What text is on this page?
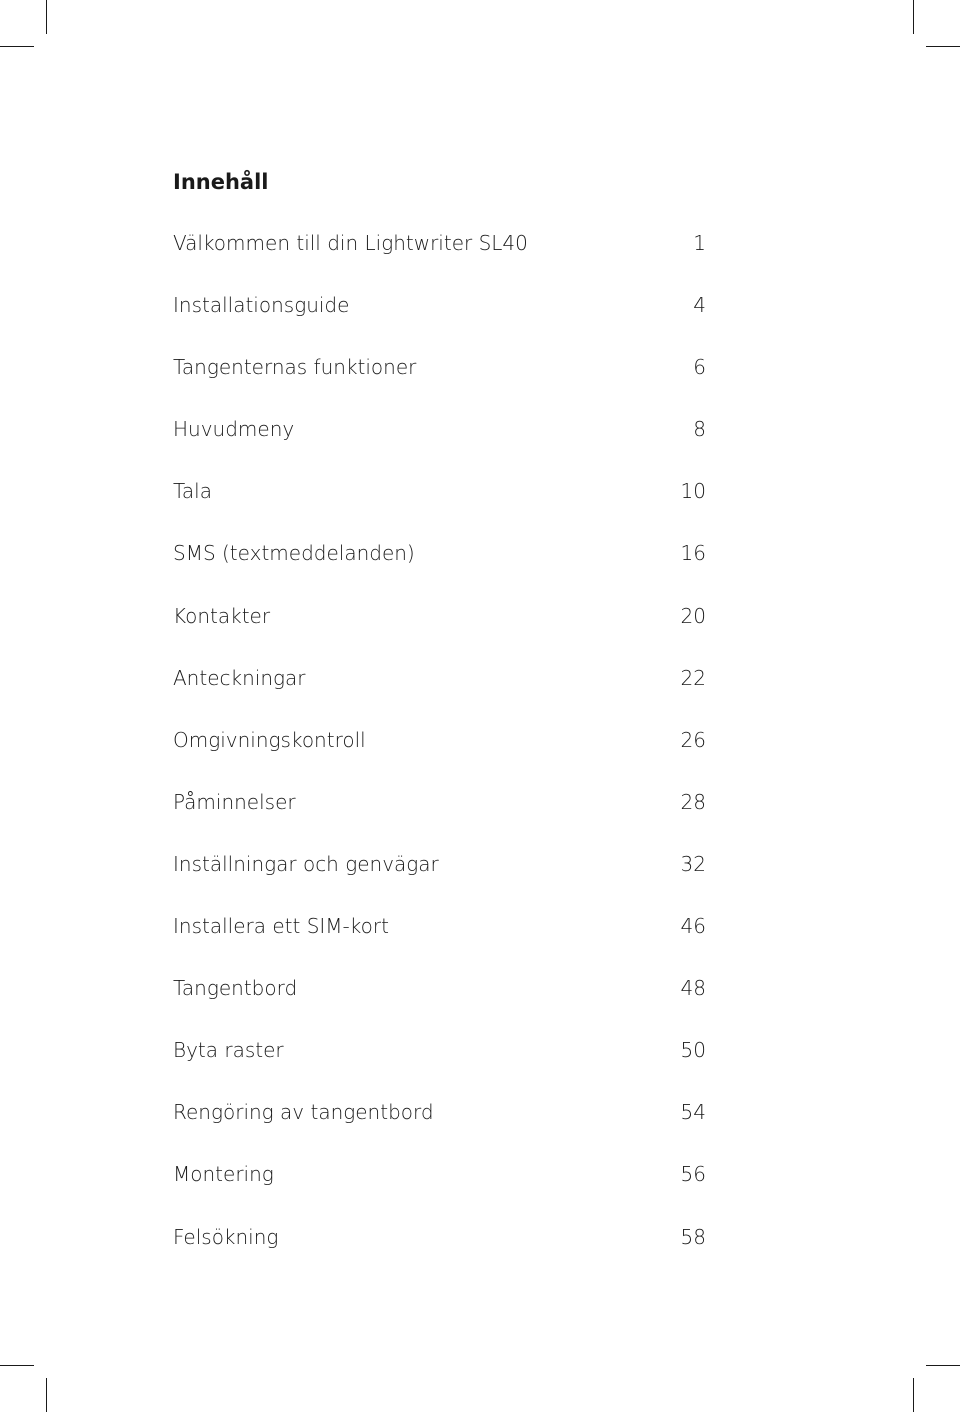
Innehåll
Välkommen till din Lightwriter SL40	1
Installationsguide	4
Tangenternas funktioner	6
Huvudmeny	8
Tala	10
SMS (textmeddelanden)	16
Kontakter	20
Anteckningar	22
Omgivningskontroll	26
Påminnelser	28
Inställningar och genvägar	32
Installera ett SIM-kort	46
Tangentbord	48
Byta raster	50
Rengöring av tangentbord	54
Montering	56
Felsökning	58
